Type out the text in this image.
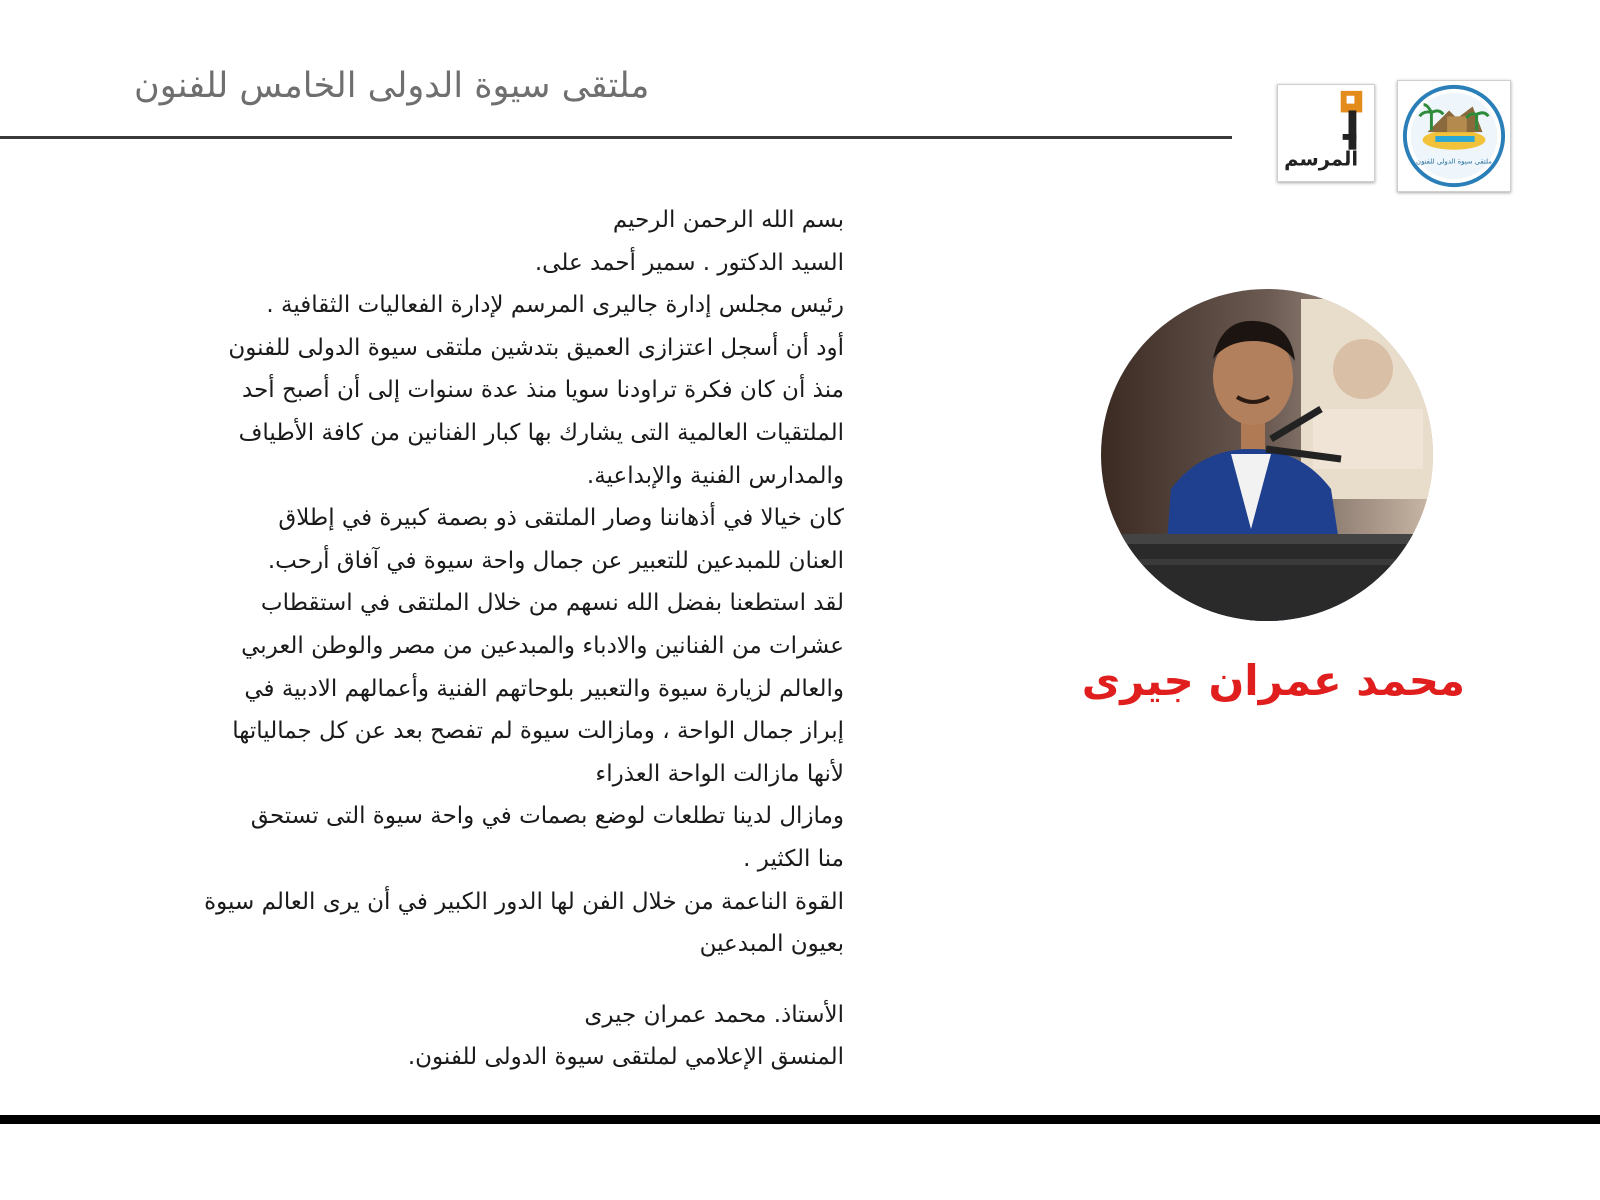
ملتقى سيوة الدولى الخامس للفنون
المرسم	ملتقى سيوة الدولى للفنون
محمد عمران جيرى
بسم الله الرحمن الرحيم
السيد الدكتور . سمير أحمد على.
رئيس مجلس إدارة جاليرى المرسم لإدارة الفعاليات الثقافية .
أود أن أسجل اعتزازى العميق بتدشين ملتقى سيوة الدولى للفنون
منذ أن كان فكرة تراودنا سويا منذ عدة سنوات إلى أن أصبح أحد
الملتقيات العالمية التى يشارك بها كبار الفنانين من كافة الأطياف
والمدارس الفنية والإبداعية.
كان خيالا في أذهاننا وصار الملتقى ذو بصمة كبيرة في إطلاق
العنان للمبدعين للتعبير عن جمال واحة سيوة في آفاق أرحب.
لقد استطعنا بفضل الله نسهم من خلال الملتقى في استقطاب
عشرات من الفنانين والادباء والمبدعين من مصر والوطن العربي
والعالم لزيارة سيوة والتعبير بلوحاتهم الفنية وأعمالهم الادبية في
إبراز جمال الواحة ، ومازالت سيوة لم تفصح بعد عن كل جمالياتها
لأنها مازالت الواحة العذراء
ومازال لدينا تطلعات لوضع بصمات في واحة سيوة التى تستحق
منا الكثير .
القوة الناعمة من خلال الفن لها الدور الكبير في أن يرى العالم سيوة
بعيون المبدعين
الأستاذ. محمد عمران جيرى
المنسق الإعلامي لملتقى سيوة الدولى للفنون.
